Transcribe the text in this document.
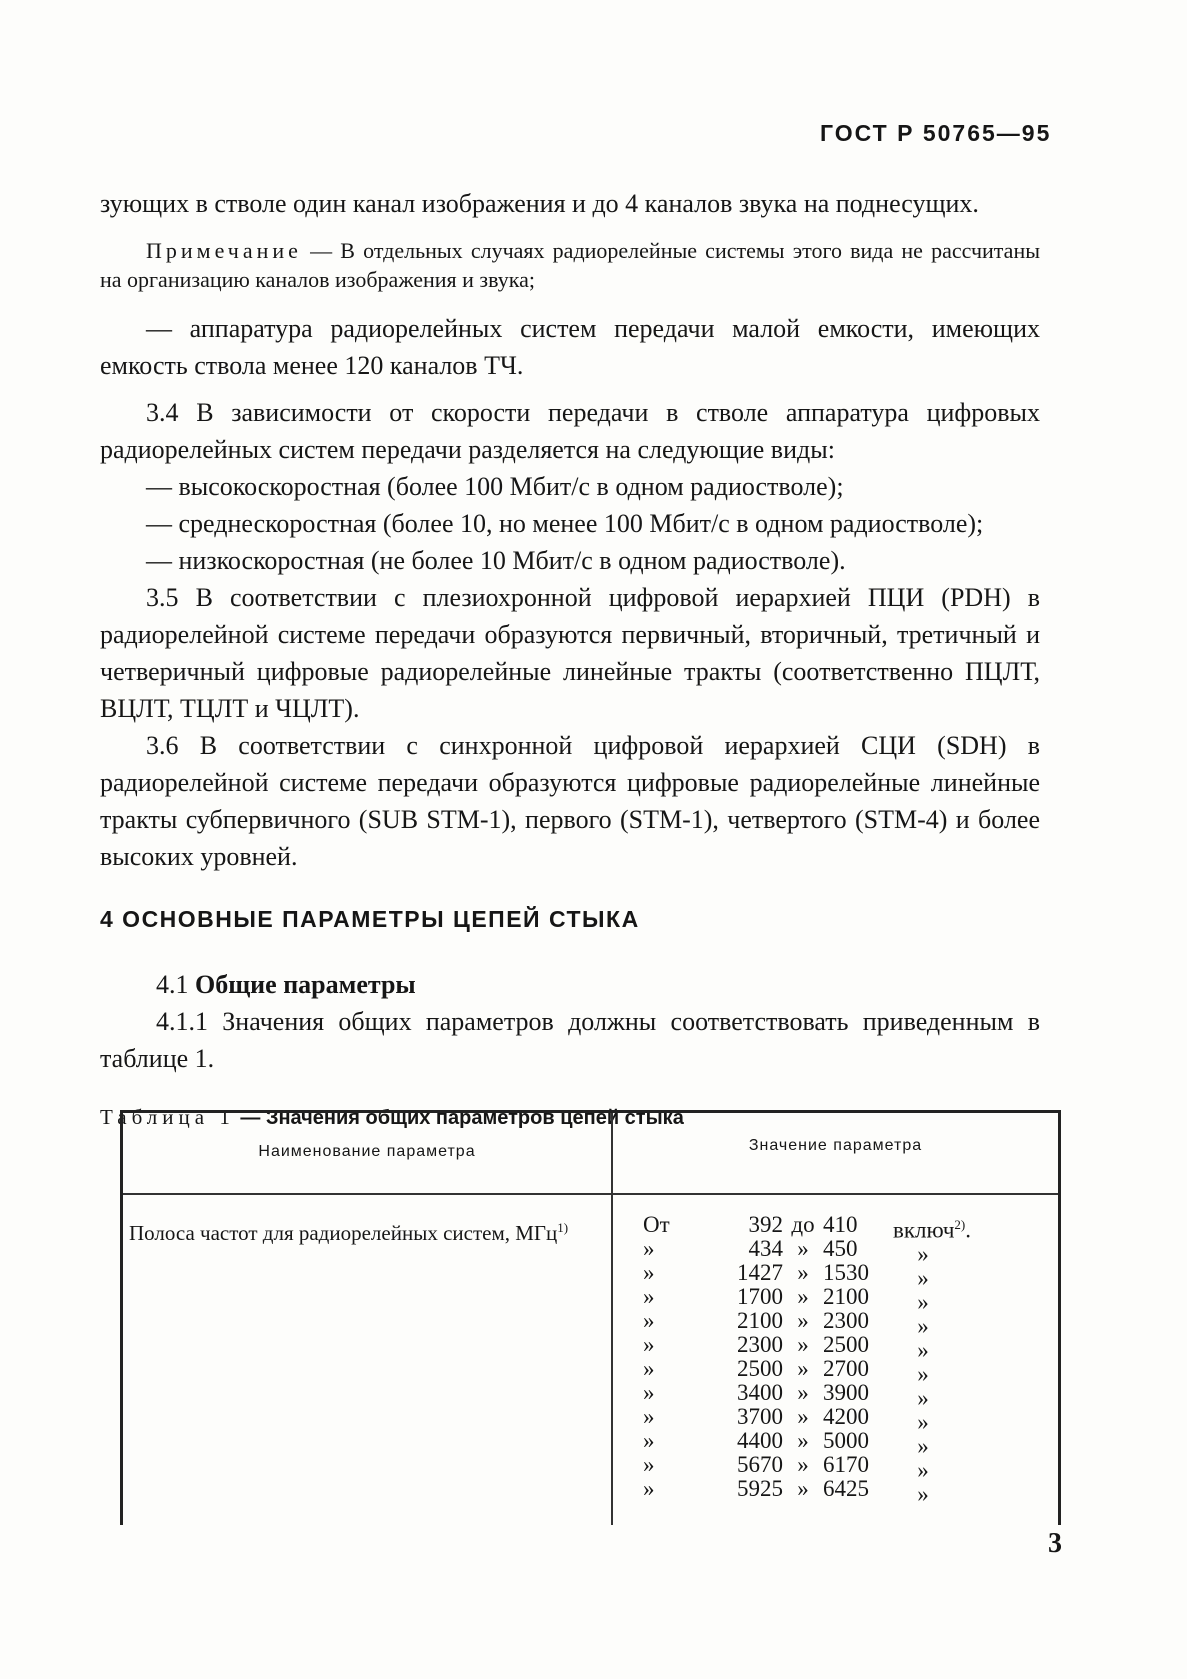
ГОСТ Р 50765—95

зующих в стволе один канал изображения и до 4 каналов звука на поднесущих.

Примечание — В отдельных случаях радиорелейные системы этого вида не рассчитаны на организацию каналов изображения и звука;

— аппаратура радиорелейных систем передачи малой емкости, имеющих емкость ствола менее 120 каналов ТЧ.

3.4 В зависимости от скорости передачи в стволе аппаратура цифровых радиорелейных систем передачи разделяется на следующие виды:

— высокоскоростная (более 100 Мбит/с в одном радиостволе);

— среднескоростная (более 10, но менее 100 Мбит/с в одном радиостволе);

— низкоскоростная (не более 10 Мбит/с в одном радиостволе).

3.5 В соответствии с плезиохронной цифровой иерархией ПЦИ (PDH) в радиорелейной системе передачи образуются первичный, вторичный, третичный и четверичный цифровые радиорелейные линейные тракты (соответственно ПЦЛТ, ВЦЛТ, ТЦЛТ и ЧЦЛТ).

3.6 В соответствии с синхронной цифровой иерархией СЦИ (SDH) в радиорелейной системе передачи образуются цифровые радиорелейные линейные тракты субпервичного (SUB STM-1), первого (STM-1), четвертого (STM-4) и более высоких уровней.

4 ОСНОВНЫЕ ПАРАМЕТРЫ ЦЕПЕЙ СТЫКА

4.1 Общие параметры

4.1.1 Значения общих параметров должны соответствовать приведенным в таблице 1.

Таблица 1 — Значения общих параметров цепей стыка

Наименование параметра	Значение параметра
Полоса частот для радиорелейных систем, МГц$^{1)}$	От	392 до 410	включ$^{2)}$.
»	434 » 450	»
»	1427 » 1530	»
»	1700 » 2100	»
»	2100 » 2300	»
»	2300 » 2500	»
»	2500 » 2700	»
»	3400 » 3900	»
»	3700 » 4200	»
»	4400 » 5000	»
»	5670 » 6170	»
»	5925 » 6425	»
3
